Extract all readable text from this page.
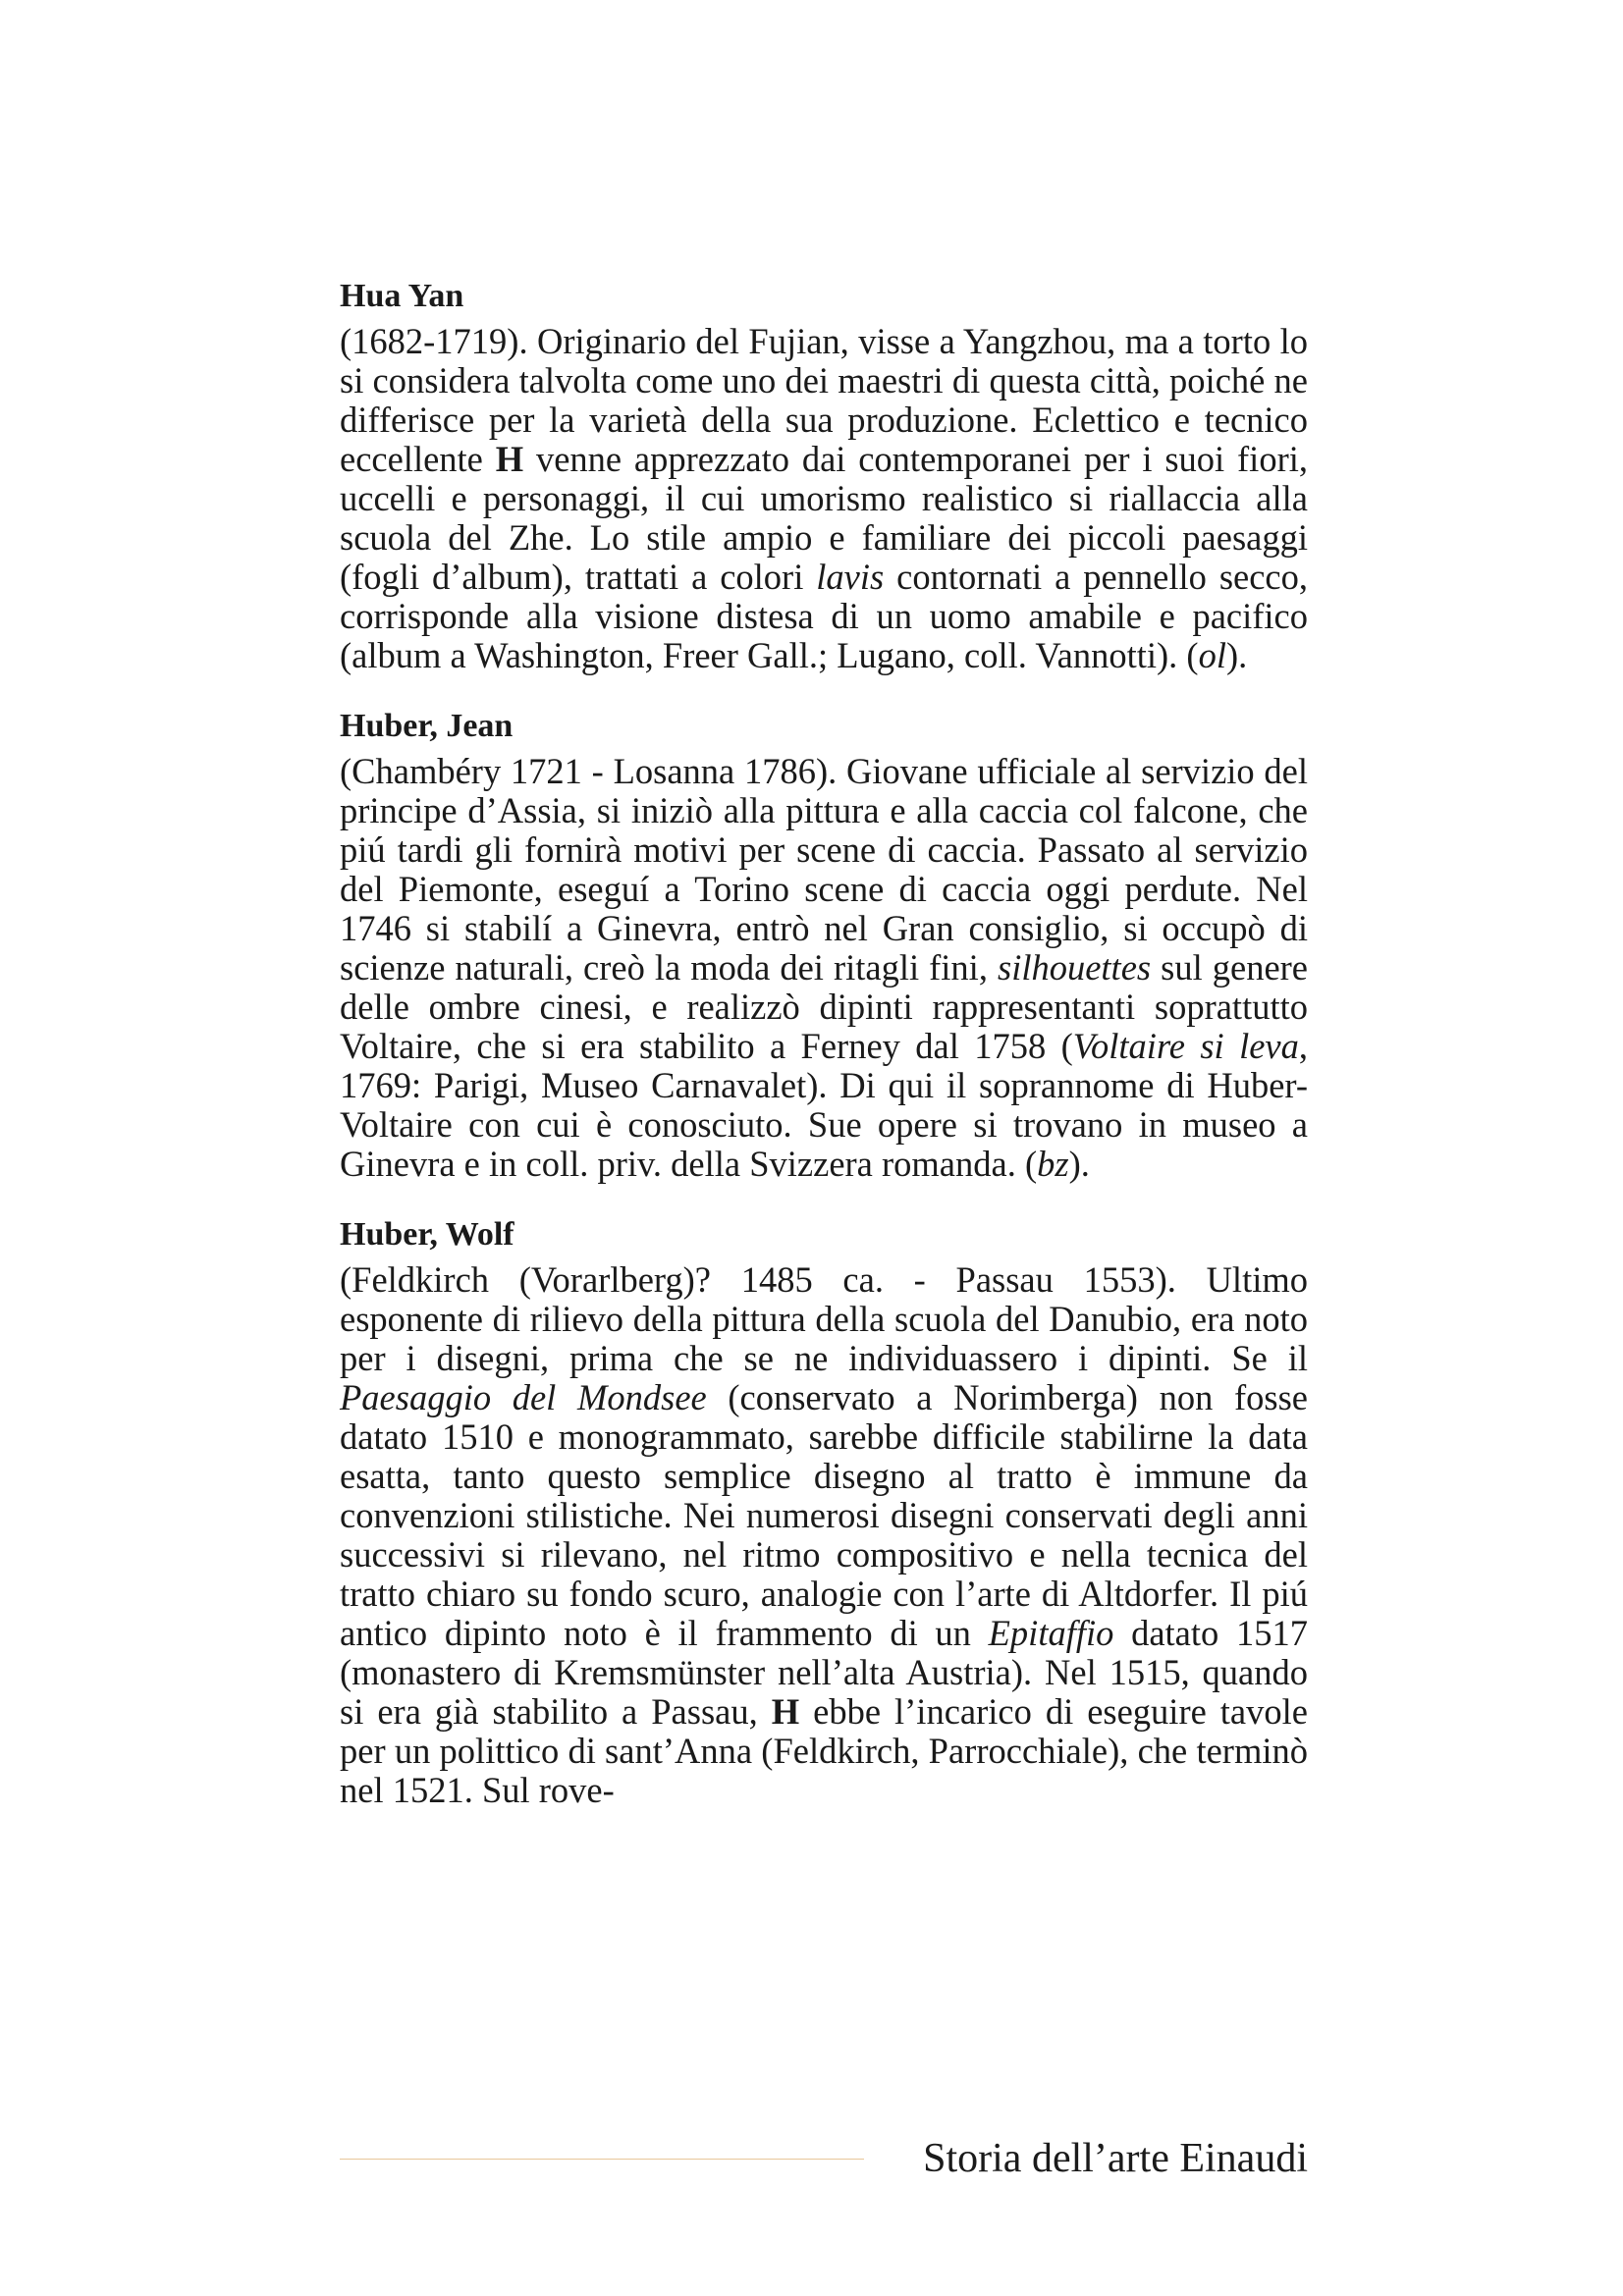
Hua Yan

(1682-1719). Originario del Fujian, visse a Yangzhou, ma a torto lo si considera talvolta come uno dei maestri di questa città, poiché ne differisce per la varietà della sua produzione. Eclettico e tecnico eccellente H venne apprezzato dai contemporanei per i suoi fiori, uccelli e personaggi, il cui umorismo realistico si riallaccia alla scuola del Zhe. Lo stile ampio e familiare dei piccoli paesaggi (fogli d’album), trattati a colori lavis contornati a pennello secco, corrisponde alla visione distesa di un uomo amabile e pacifico (album a Washington, Freer Gall.; Lugano, coll. Vannotti). (ol).

Huber, Jean

(Chambéry 1721 - Losanna 1786). Giovane ufficiale al servizio del principe d’Assia, si iniziò alla pittura e alla caccia col falcone, che piú tardi gli fornirà motivi per scene di caccia. Passato al servizio del Piemonte, eseguí a Torino scene di caccia oggi perdute. Nel 1746 si stabilí a Ginevra, entrò nel Gran consiglio, si occupò di scienze naturali, creò la moda dei ritagli fini, silhouettes sul genere delle ombre cinesi, e realizzò dipinti rappresentanti soprattutto Voltaire, che si era stabilito a Ferney dal 1758 (Voltaire si leva, 1769: Parigi, Museo Carnavalet). Di qui il soprannome di Huber-Voltaire con cui è conosciuto. Sue opere si trovano in museo a Ginevra e in coll. priv. della Svizzera romanda. (bz).

Huber, Wolf

(Feldkirch (Vorarlberg)? 1485 ca. - Passau 1553). Ultimo esponente di rilievo della pittura della scuola del Danubio, era noto per i disegni, prima che se ne individuassero i dipinti. Se il Paesaggio del Mondsee (conservato a Norimberga) non fosse datato 1510 e monogrammato, sarebbe difficile stabilirne la data esatta, tanto questo semplice disegno al tratto è immune da convenzioni stilistiche. Nei numerosi disegni conservati degli anni successivi si rilevano, nel ritmo compositivo e nella tecnica del tratto chiaro su fondo scuro, analogie con l’arte di Altdorfer. Il piú antico dipinto noto è il frammento di un Epitaffio datato 1517 (monastero di Kremsmünster nell’alta Austria). Nel 1515, quando si era già stabilito a Passau, H ebbe l’incarico di eseguire tavole per un polittico di sant’Anna (Feldkirch, Parrocchiale), che terminò nel 1521. Sul rove-

Storia dell’arte Einaudi
